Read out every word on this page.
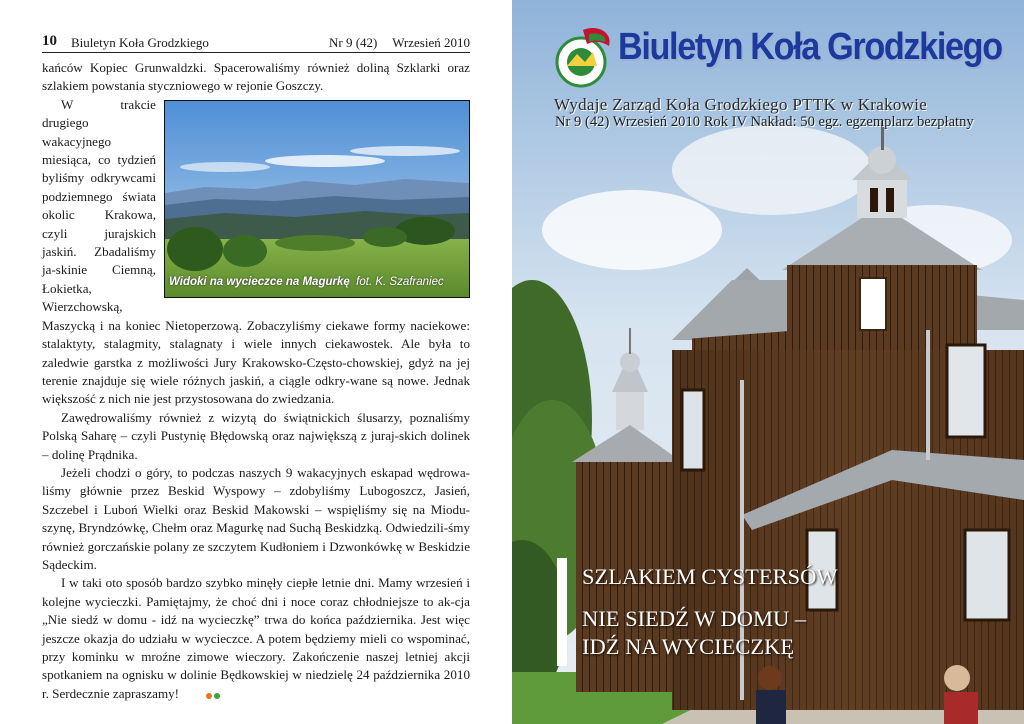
10 Biuletyn Koła Grodzkiego	Nr 9 (42) Wrzesień 2010

kańców Kopiec Grunwaldzki. Spacerowaliśmy również doliną Szklarki oraz szlakiem powstania styczniowego w rejonie Goszczy.

Widoki na wycieczce na Magurkę fot. K. Szafraniec

W trakcie drugiego wakacyjnego miesiąca, co tydzień byliśmy odkrywcami podziemnego świata okolic Krakowa, czyli jurajskich jaskiń. Zbadaliśmy ja-skinie Ciemną, Łokietka, Wierzchowską, Maszycką i na koniec Nietoperzową. Zobaczyliśmy ciekawe formy naciekowe: stalaktyty, stalagmity, stalagnaty i wiele innych ciekawostek. Ale była to zaledwie garstka z możliwości Jury Krakowsko-Często-chowskiej, gdyż na jej terenie znajduje się wiele różnych jaskiń, a ciągle odkry-wane są nowe. Jednak większość z nich nie jest przystosowana do zwiedzania.

Zawędrowaliśmy również z wizytą do świątnickich ślusarzy, poznaliśmy Polską Saharę – czyli Pustynię Błędowską oraz największą z juraj-skich dolinek – dolinę Prądnika.

Jeżeli chodzi o góry, to podczas naszych 9 wakacyjnych eskapad wędrowa-liśmy głównie przez Beskid Wyspowy – zdobyliśmy Lubogoszcz, Jasień, Szczebel i Luboń Wielki oraz Beskid Makowski – wspięliśmy się na Miodu-szynę, Bryndzówkę, Chełm oraz Magurkę nad Suchą Beskidzką. Odwiedzili-śmy również gorczańskie polany ze szczytem Kudłoniem i Dzwonkówkę w Beskidzie Sądeckim.

I w taki oto sposób bardzo szybko minęły ciepłe letnie dni. Mamy wrzesień i kolejne wycieczki. Pamiętajmy, że choć dni i noce coraz chłodniejsze to ak-cja „Nie siedź w domu - idź na wycieczkę” trwa do końca października. Jest więc jeszcze okazja do udziału w wycieczce. A potem będziemy mieli co wspominać, przy kominku w mroźne zimowe wieczory. Zakończenie naszej letniej akcji spotkaniem na ognisku w dolinie Będkowskiej w niedzielę 24 października 2010 r. Serdecznie zapraszamy!

Biuletyn Koła Grodzkiego
Wydaje Zarząd Koła Grodzkiego PTTK w Krakowie
Nr 9 (42) Wrzesień 2010 Rok IV Nakład: 50 egz. egzemplarz bezpłatny
SZLAKIEM CYSTERSÓW
NIE SIEDŹ W DOMU –
IDŹ NA WYCIECZKĘ
